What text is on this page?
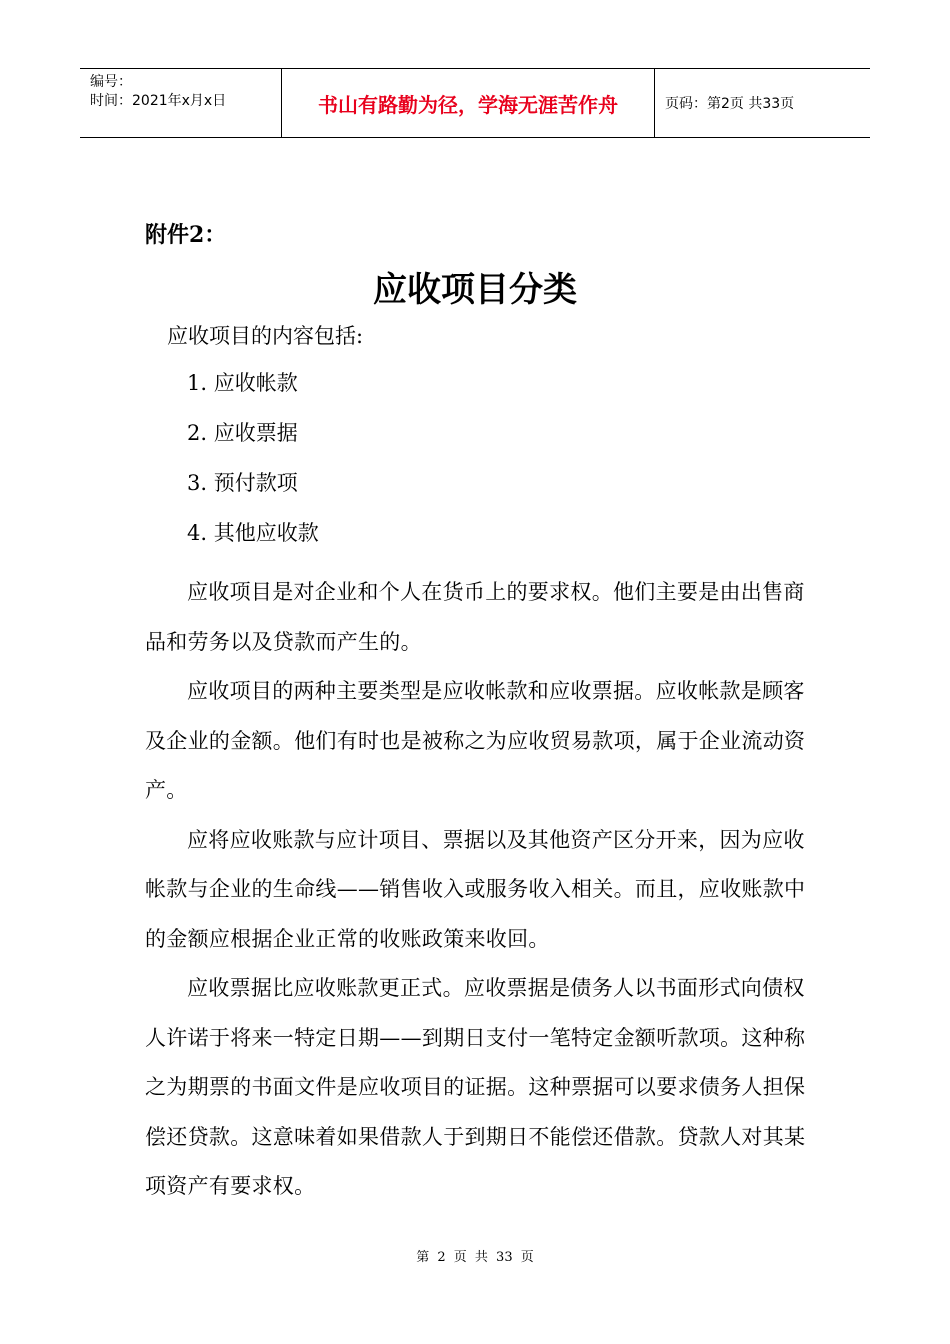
编号：
时间：2021年x月x日	书山有路勤为径，学海无涯苦作舟	页码：第2页 共33页
附件2：
应收项目分类
应收项目的内容包括:
1. 应收帐款
2. 应收票据
3. 预付款项
4. 其他应收款

应收项目是对企业和个人在货币上的要求权。他们主要是由出售商品和劳务以及贷款而产生的。

应收项目的两种主要类型是应收帐款和应收票据。应收帐款是顾客及企业的金额。他们有时也是被称之为应收贸易款项，属于企业流动资产。

应将应收账款与应计项目、票据以及其他资产区分开来，因为应收帐款与企业的生命线——销售收入或服务收入相关。而且，应收账款中的金额应根据企业正常的收账政策来收回。

应收票据比应收账款更正式。应收票据是债务人以书面形式向债权人许诺于将来一特定日期——到期日支付一笔特定金额听款项。这种称之为期票的书面文件是应收项目的证据。这种票据可以要求债务人担保偿还贷款。这意味着如果借款人于到期日不能偿还借款。贷款人对其某项资产有要求权。

第 2 页 共 33 页
